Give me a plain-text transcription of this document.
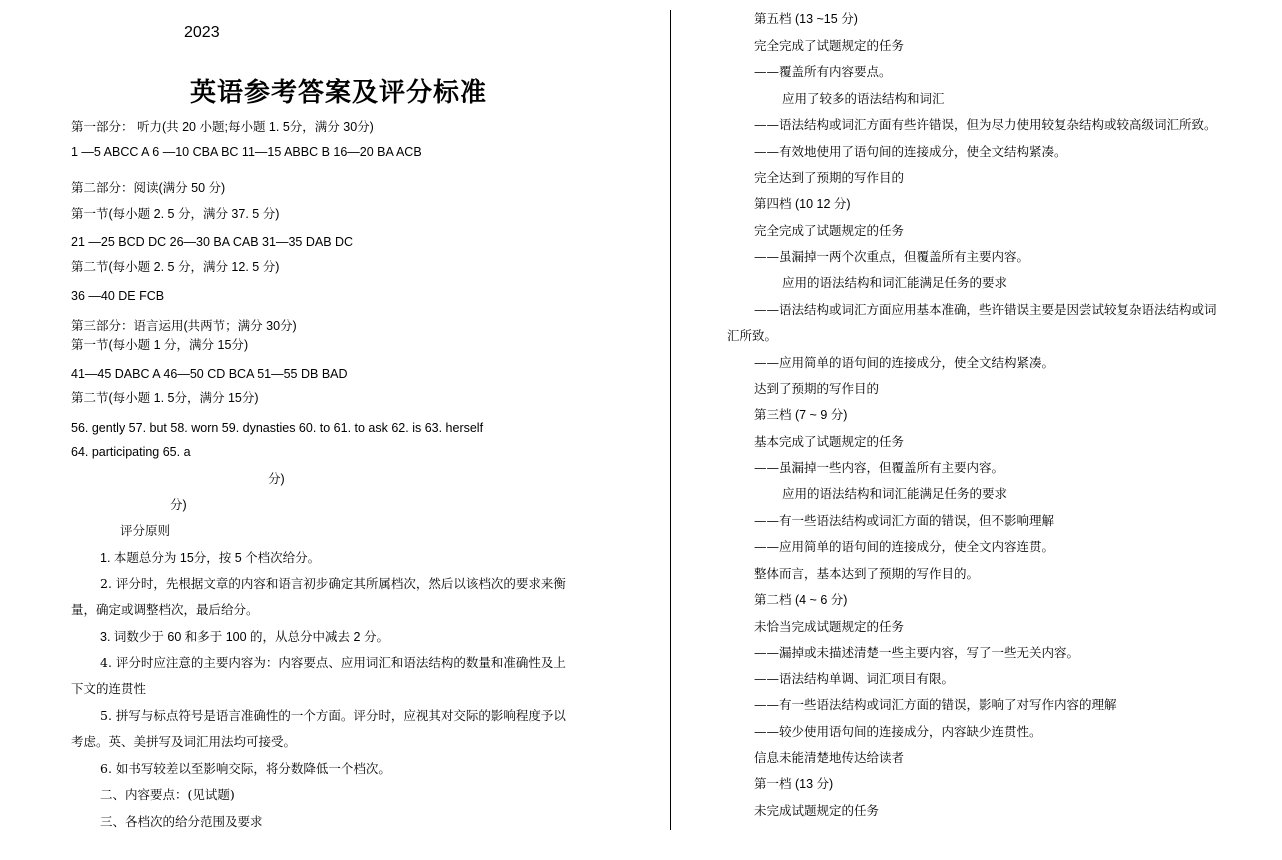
2023
英语参考答案及评分标准
第一部分： 听力(共 20 小题;每小题 1. 5分，满分 30分)
1 —5 ABCC A 6 —10 CBA BC 11—15 ABBC B 16—20 BA ACB
第二部分：阅读(满分 50 分)
第一节(每小题 2. 5 分，满分 37. 5 分)
21 —25 BCD DC 26—30 BA CAB 31—35 DAB DC
第二节(每小题 2. 5 分，满分 12. 5 分)
36 —40 DE FCB
第三部分：语言运用(共两节；满分 30分)
第一节(每小题 1 分，满分 15分)
41—45 DABC A 46—50 CD BCA 51—55 DB BAD
第二节(每小题 1. 5分，满分 15分)
56. gently 57. but 58. worn 59. dynasties 60. to 61. to ask 62. is 63. herself
64. participating 65. a
分)
分)
评分原则
1. 本题总分为 15分，按 5 个档次给分。
2. 评分时，先根据文章的内容和语言初步确定其所属档次，然后以该档次的要求来衡
量，确定或调整档次，最后给分。
3. 词数少于 60 和多于 100 的，从总分中减去 2 分。
4. 评分时应注意的主要内容为：内容要点、应用词汇和语法结构的数量和准确性及上
下文的连贯性
5. 拼写与标点符号是语言准确性的一个方面。评分时，应视其对交际的影响程度予以
考虑。英、美拼写及词汇用法均可接受。
6. 如书写较差以至影响交际，将分数降低一个档次。
二、内容要点：(见试题)
三、各档次的给分范围及要求
第五档 (13 ~15 分)
完全完成了试题规定的任务
——覆盖所有内容要点。
应用了较多的语法结构和词汇
——语法结构或词汇方面有些许错误，但为尽力使用较复杂结构或较高级词汇所致。
——有效地使用了语句间的连接成分，使全文结构紧凑。
完全达到了预期的写作目的
第四档 (10 12 分)
完全完成了试题规定的任务
——虽漏掉一两个次重点，但覆盖所有主要内容。
应用的语法结构和词汇能满足任务的要求
——语法结构或词汇方面应用基本准确，些许错误主要是因尝试较复杂语法结构或词
汇所致。
——应用简单的语句间的连接成分，使全文结构紧凑。
达到了预期的写作目的
第三档 (7 ~ 9 分)
基本完成了试题规定的任务
——虽漏掉一些内容，但覆盖所有主要内容。
应用的语法结构和词汇能满足任务的要求
——有一些语法结构或词汇方面的错误，但不影响理解
——应用简单的语句间的连接成分，使全文内容连贯。
整体而言，基本达到了预期的写作目的。
第二档 (4 ~ 6 分)
未恰当完成试题规定的任务
——漏掉或未描述清楚一些主要内容，写了一些无关内容。
——语法结构单调、词汇项目有限。
——有一些语法结构或词汇方面的错误，影响了对写作内容的理解
——较少使用语句间的连接成分，内容缺少连贯性。
信息未能清楚地传达给读者
第一档 (13 分)
未完成试题规定的任务
